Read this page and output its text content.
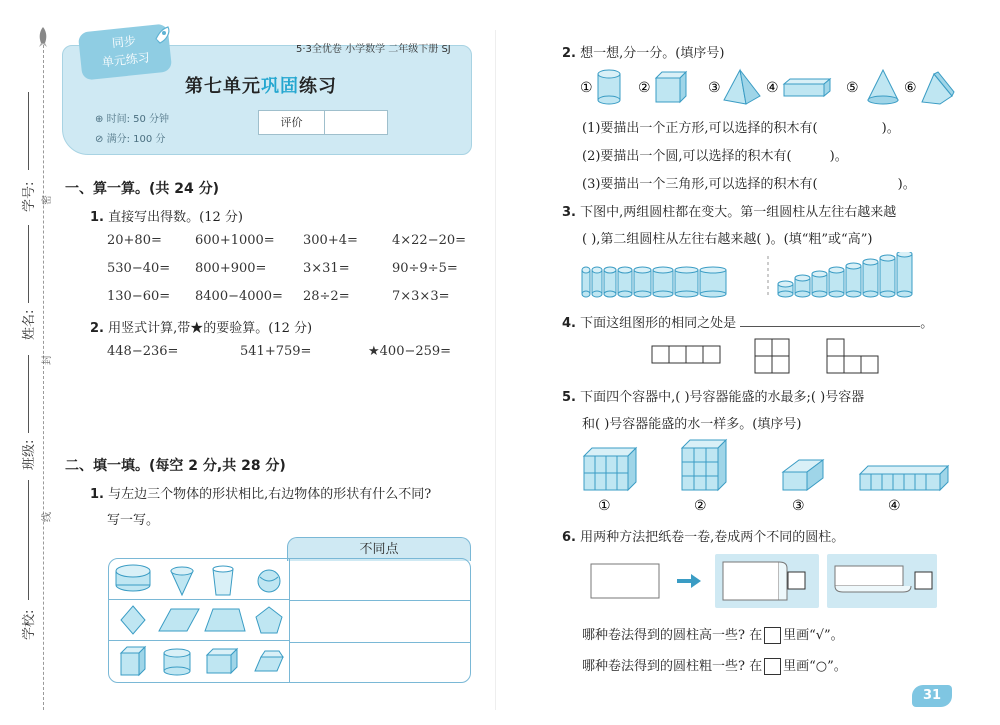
学号:
姓名:
班级:
学校:
密
封
线
同步
单元练习
5·3全优卷 小学数学 二年级下册 SJ
第七单元巩固练习
⊕ 时间: 50 分钟
⊘ 满分: 100 分
评价
一、算一算。(共 24 分)
1. 直接写出得数。(12 分)
20+80=	600+1000= 300+4=	4×22−20=
530−40= 800+900=	3×31=	90÷9÷5=
130−60= 8400−4000= 28÷2=	7×3×3=
2. 用竖式计算,带★的要验算。(12 分)
448−236=	541+759=	★400−259=
二、填一填。(每空 2 分,共 28 分)
1. 与左边三个物体的形状相比,右边物体的形状有什么不同?
写一写。
不同点
2. 想一想,分一分。(填序号)
①	②	③	④	⑤	⑥
(1)要描出一个正方形,可以选择的积木有(	)。
(2)要描出一个圆,可以选择的积木有(	)。
(3)要描出一个三角形,可以选择的积木有(	)。
3. 下图中,两组圆柱都在变大。第一组圆柱从左往右越来越
( ),第二组圆柱从左往右越来越( )。(填“粗”或“高”)
4. 下面这组图形的相同之处是	。
5. 下面四个容器中,( )号容器能盛的水最多;( )号容器
和( )号容器能盛的水一样多。(填序号)
①	②	③	④
6. 用两种方法把纸卷一卷,卷成两个不同的圆柱。
哪种卷法得到的圆柱高一些? 在 里画“√”。
哪种卷法得到的圆柱粗一些? 在 里画“○”。
31
